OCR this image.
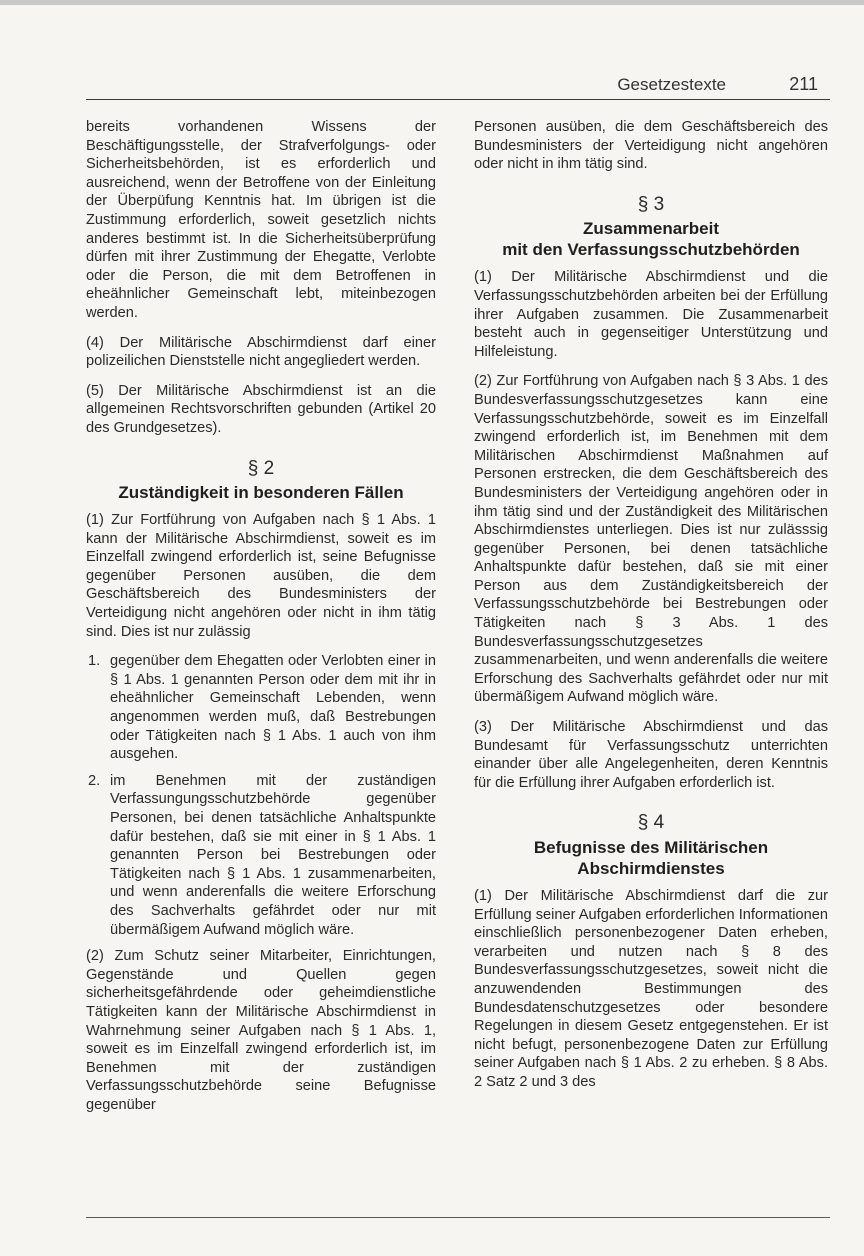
Gesetzestexte	211

bereits vorhandenen Wissens der Beschäftigungsstelle, der Strafverfolgungs- oder Sicherheitsbehörden, ist es erforderlich und ausreichend, wenn der Betroffene von der Einleitung der Überpüfung Kenntnis hat. Im übrigen ist die Zustimmung erforderlich, soweit gesetzlich nichts anderes bestimmt ist. In die Sicherheitsüberprüfung dürfen mit ihrer Zustimmung der Ehegatte, Verlobte oder die Person, die mit dem Betroffenen in eheähnlicher Gemeinschaft lebt, miteinbezogen werden.

(4) Der Militärische Abschirmdienst darf einer polizeilichen Dienststelle nicht angegliedert werden.

(5) Der Militärische Abschirmdienst ist an die allgemeinen Rechtsvorschriften gebunden (Artikel 20 des Grundgesetzes).

§ 2
Zuständigkeit in besonderen Fällen

(1) Zur Fortführung von Aufgaben nach § 1 Abs. 1 kann der Militärische Abschirmdienst, soweit es im Einzelfall zwingend erforderlich ist, seine Befugnisse gegenüber Personen ausüben, die dem Geschäftsbereich des Bundesministers der Verteidigung nicht angehören oder nicht in ihm tätig sind. Dies ist nur zulässig

1. gegenüber dem Ehegatten oder Verlobten einer in § 1 Abs. 1 genannten Person oder dem mit ihr in eheähnlicher Gemeinschaft Lebenden, wenn angenommen werden muß, daß Bestrebungen oder Tätigkeiten nach § 1 Abs. 1 auch von ihm ausgehen.
2. im Benehmen mit der zuständigen Verfassungungsschutzbehörde gegenüber Personen, bei denen tatsächliche Anhaltspunkte dafür bestehen, daß sie mit einer in § 1 Abs. 1 genannten Person bei Bestrebungen oder Tätigkeiten nach § 1 Abs. 1 zusammenarbeiten, und wenn anderenfalls die weitere Erforschung des Sachverhalts gefährdet oder nur mit übermäßigem Aufwand möglich wäre.

(2) Zum Schutz seiner Mitarbeiter, Einrichtungen, Gegenstände und Quellen gegen sicherheitsgefährdende oder geheimdienstliche Tätigkeiten kann der Militärische Abschirmdienst in Wahrnehmung seiner Aufgaben nach § 1 Abs. 1, soweit es im Einzelfall zwingend erforderlich ist, im Benehmen mit der zuständigen Verfassungsschutzbehörde seine Befugnisse gegenüber

Personen ausüben, die dem Geschäftsbereich des Bundesministers der Verteidigung nicht angehören oder nicht in ihm tätig sind.

§ 3
Zusammenarbeit
mit den Verfassungsschutzbehörden

(1) Der Militärische Abschirmdienst und die Verfassungsschutzbehörden arbeiten bei der Erfüllung ihrer Aufgaben zusammen. Die Zusammenarbeit besteht auch in gegenseitiger Unterstützung und Hilfeleistung.

(2) Zur Fortführung von Aufgaben nach § 3 Abs. 1 des Bundesverfassungsschutzgesetzes kann eine Verfassungsschutzbehörde, soweit es im Einzelfall zwingend erforderlich ist, im Benehmen mit dem Militärischen Abschirmdienst Maßnahmen auf Personen erstrecken, die dem Geschäftsbereich des Bundesministers der Verteidigung angehören oder in ihm tätig sind und der Zuständigkeit des Militärischen Abschirmdienstes unterliegen. Dies ist nur zulässsig gegenüber Personen, bei denen tatsächliche Anhaltspunkte dafür bestehen, daß sie mit einer Person aus dem Zuständigkeitsbereich der Verfassungsschutzbehörde bei Bestrebungen oder Tätigkeiten nach § 3 Abs. 1 des Bundesverfassungsschutzgesetzes zusammenarbeiten, und wenn anderenfalls die weitere Erforschung des Sachverhalts gefährdet oder nur mit übermäßigem Aufwand möglich wäre.

(3) Der Militärische Abschirmdienst und das Bundesamt für Verfassungsschutz unterrichten einander über alle Angelegenheiten, deren Kenntnis für die Erfüllung ihrer Aufgaben erforderlich ist.

§ 4
Befugnisse des Militärischen
Abschirmdienstes

(1) Der Militärische Abschirmdienst darf die zur Erfüllung seiner Aufgaben erforderlichen Informationen einschließlich personenbezogener Daten erheben, verarbeiten und nutzen nach § 8 des Bundesverfassungsschutzgesetzes, soweit nicht die anzuwendenden Bestimmungen des Bundesdatenschutzgesetzes oder besondere Regelungen in diesem Gesetz entgegenstehen. Er ist nicht befugt, personenbezogene Daten zur Erfüllung seiner Aufgaben nach § 1 Abs. 2 zu erheben. § 8 Abs. 2 Satz 2 und 3 des
